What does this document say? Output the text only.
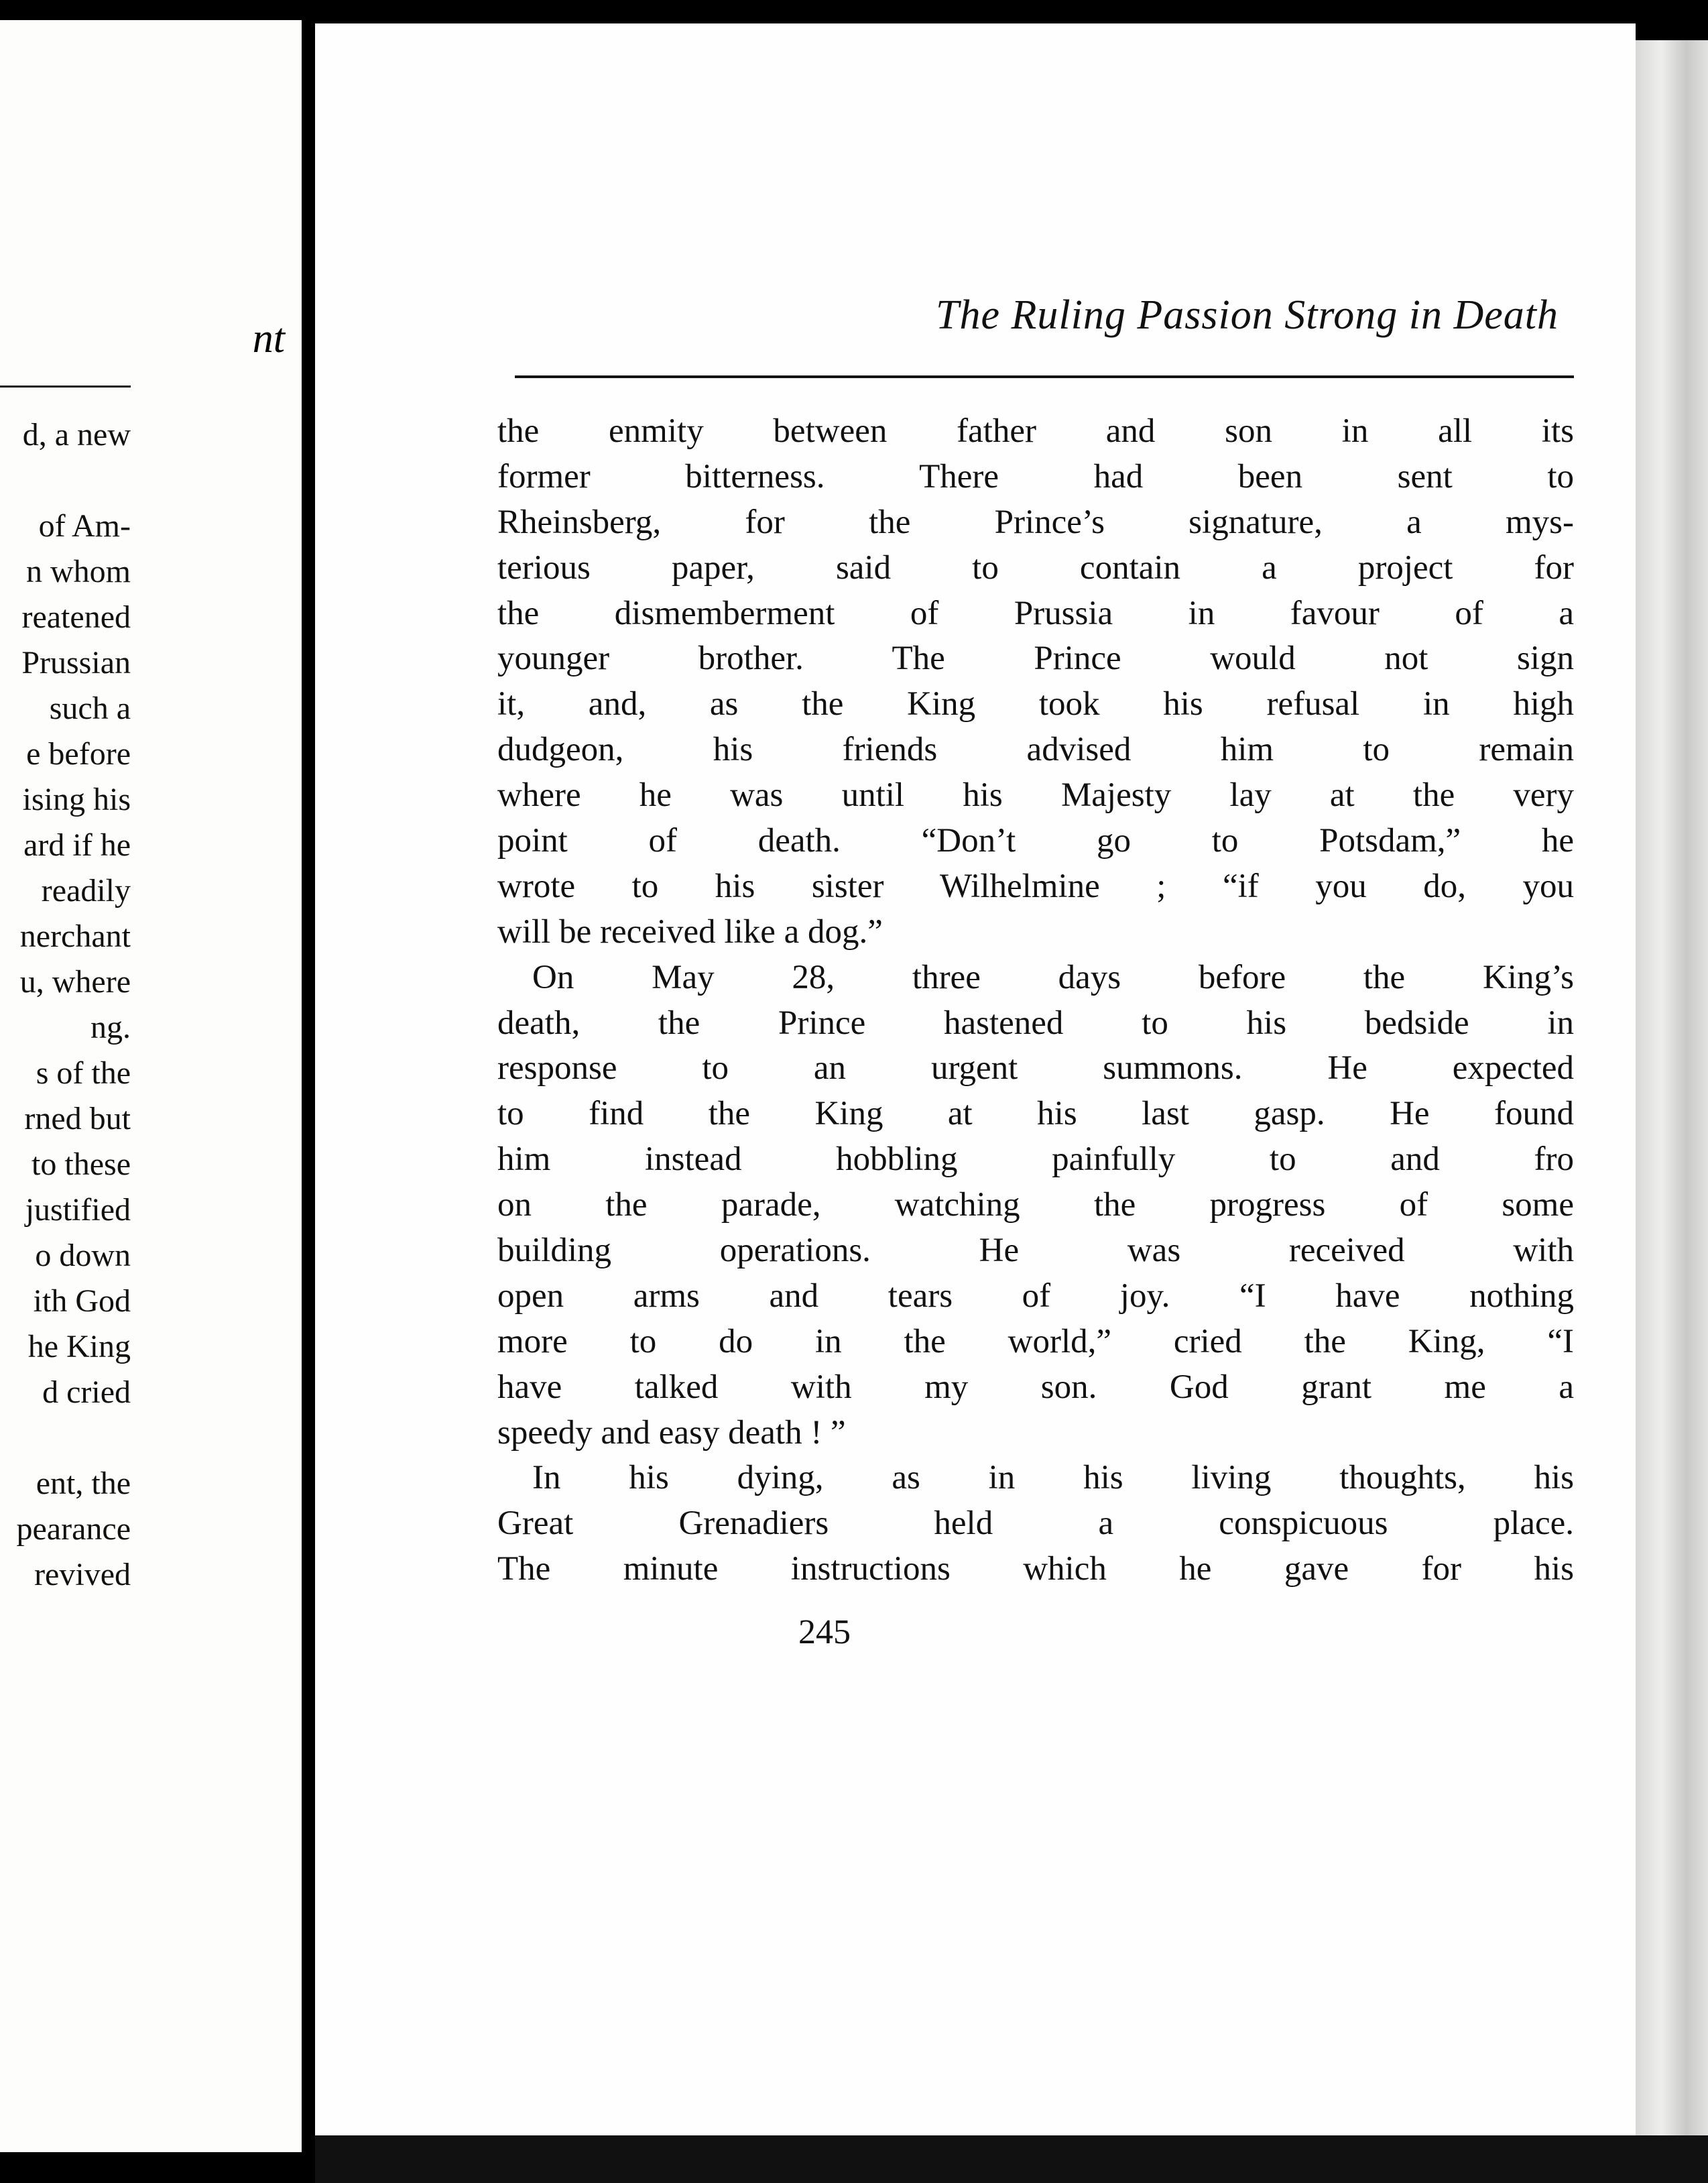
nt
d, a new
of Am-
n whom
reatened
Prussian
such a
e before
ising his
ard if he
readily
nerchant
u, where
ng.
s of the
rned but
to these
justified
o down
ith God
he King
d cried
ent, the
pearance
revived
The Ruling Passion Strong in Death
the enmity between father and son in all its
former bitterness. There had been sent to
Rheinsberg, for the Prince’s signature, a mys-
terious paper, said to contain a project for
the dismemberment of Prussia in favour of a
younger brother. The Prince would not sign
it, and, as the King took his refusal in high
dudgeon, his friends advised him to remain
where he was until his Majesty lay at the very
point of death. “Don’t go to Potsdam,” he
wrote to his sister Wilhelmine ; “if you do, you
will be received like a dog.”
On May 28, three days before the King’s
death, the Prince hastened to his bedside in
response to an urgent summons. He expected
to find the King at his last gasp. He found
him instead hobbling painfully to and fro
on the parade, watching the progress of some
building operations. He was received with
open arms and tears of joy. “I have nothing
more to do in the world,” cried the King, “I
have talked with my son. God grant me a
speedy and easy death ! ”
In his dying, as in his living thoughts, his
Great Grenadiers held a conspicuous place.
The minute instructions which he gave for his
245
